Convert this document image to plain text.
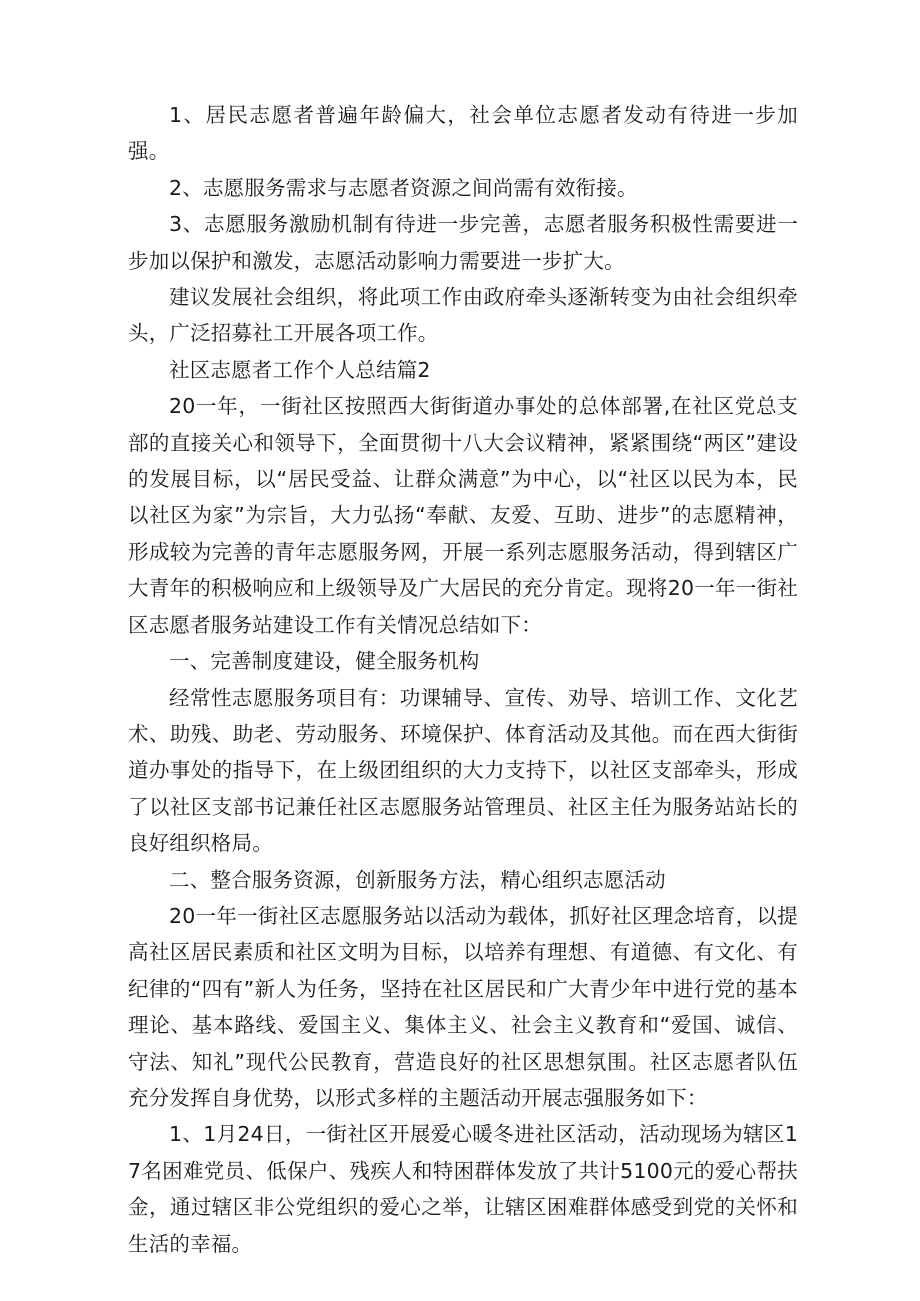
1、居民志愿者普遍年龄偏大，社会单位志愿者发动有待进一步加强。

2、志愿服务需求与志愿者资源之间尚需有效衔接。

3、志愿服务激励机制有待进一步完善，志愿者服务积极性需要进一步加以保护和激发，志愿活动影响力需要进一步扩大。

建议发展社会组织，将此项工作由政府牵头逐渐转变为由社会组织牵头，广泛招募社工开展各项工作。

社区志愿者工作个人总结篇2

20一年，一街社区按照西大街街道办事处的总体部署,在社区党总支部的直接关心和领导下，全面贯彻十八大会议精神，紧紧围绕“两区”建设的发展目标，以“居民受益、让群众满意”为中心，以“社区以民为本，民以社区为家”为宗旨，大力弘扬“奉献、友爱、互助、进步”的志愿精神，形成较为完善的青年志愿服务网，开展一系列志愿服务活动，得到辖区广大青年的积极响应和上级领导及广大居民的充分肯定。现将20一年一街社区志愿者服务站建设工作有关情况总结如下：

一、完善制度建设，健全服务机构

经常性志愿服务项目有：功课辅导、宣传、劝导、培训工作、文化艺术、助残、助老、劳动服务、环境保护、体育活动及其他。而在西大街街道办事处的指导下，在上级团组织的大力支持下，以社区支部牵头，形成了以社区支部书记兼任社区志愿服务站管理员、社区主任为服务站站长的良好组织格局。

二、整合服务资源，创新服务方法，精心组织志愿活动

20一年一街社区志愿服务站以活动为载体，抓好社区理念培育，以提高社区居民素质和社区文明为目标，以培养有理想、有道德、有文化、有纪律的“四有”新人为任务，坚持在社区居民和广大青少年中进行党的基本理论、基本路线、爱国主义、集体主义、社会主义教育和“爱国、诚信、守法、知礼”现代公民教育，营造良好的社区思想氛围。社区志愿者队伍充分发挥自身优势，以形式多样的主题活动开展志强服务如下：

1、1月24日，一街社区开展爱心暖冬进社区活动，活动现场为辖区17名困难党员、低保户、残疾人和特困群体发放了共计5100元的爱心帮扶金，通过辖区非公党组织的爱心之举，让辖区困难群体感受到党的关怀和生活的幸福。
